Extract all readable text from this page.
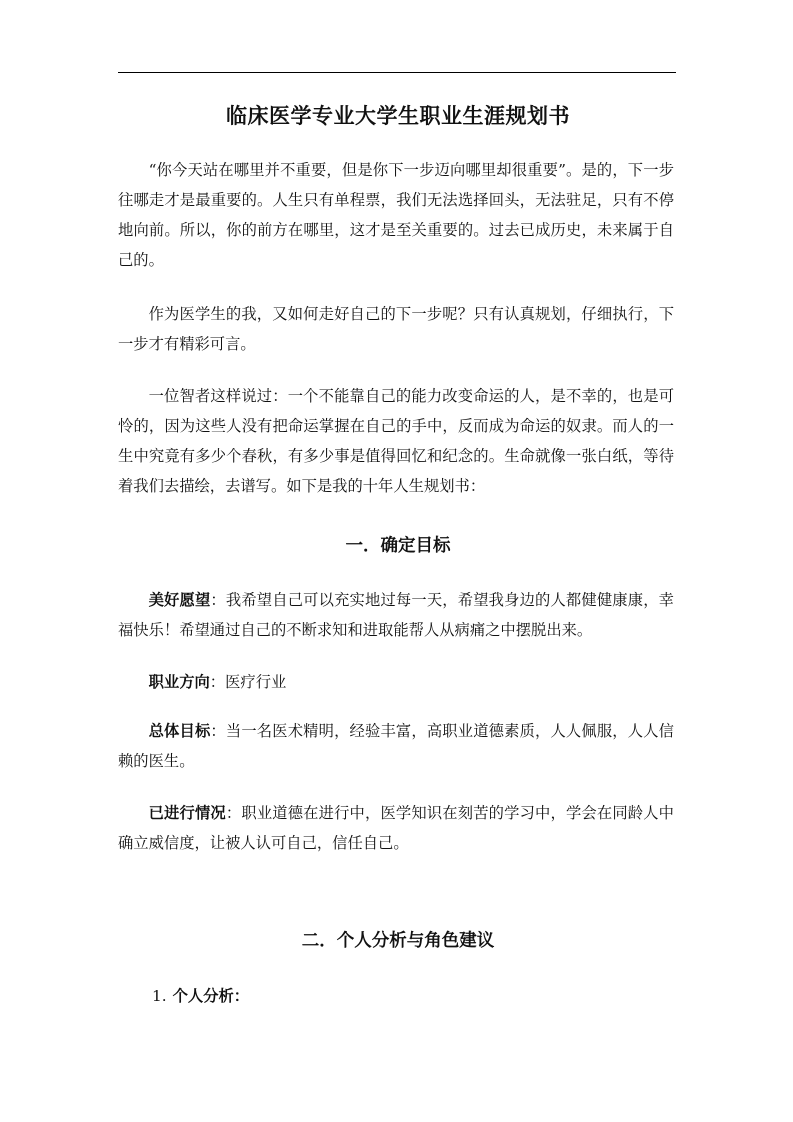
临床医学专业大学生职业生涯规划书

“你今天站在哪里并不重要，但是你下一步迈向哪里却很重要”。是的，下一步往哪走才是最重要的。人生只有单程票，我们无法选择回头，无法驻足，只有不停地向前。所以，你的前方在哪里，这才是至关重要的。过去已成历史，未来属于自己的。

作为医学生的我，又如何走好自己的下一步呢？只有认真规划，仔细执行，下一步才有精彩可言。

一位智者这样说过：一个不能靠自己的能力改变命运的人，是不幸的，也是可怜的，因为这些人没有把命运掌握在自己的手中，反而成为命运的奴隶。而人的一生中究竟有多少个春秋，有多少事是值得回忆和纪念的。生命就像一张白纸，等待着我们去描绘，去谱写。如下是我的十年人生规划书：

一．确定目标

美好愿望：我希望自己可以充实地过每一天，希望我身边的人都健健康康，幸福快乐！希望通过自己的不断求知和进取能帮人从病痛之中摆脱出来。

职业方向：医疗行业

总体目标：当一名医术精明，经验丰富，高职业道德素质，人人佩服，人人信赖的医生。

已进行情况：职业道德在进行中，医学知识在刻苦的学习中，学会在同龄人中确立威信度，让被人认可自己，信任自己。

二．个人分析与角色建议

1. 个人分析：
